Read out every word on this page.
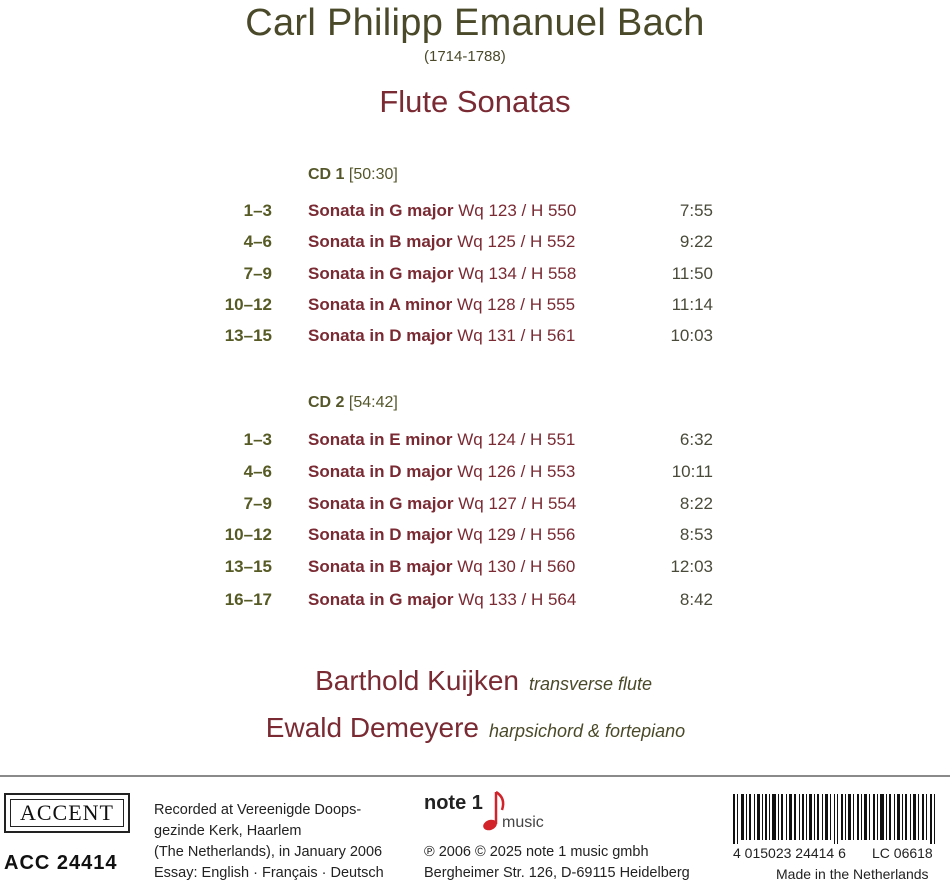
Carl Philipp Emanuel Bach
(1714-1788)
Flute Sonatas
CD 1 [50:30]
1–3 Sonata in G major Wq 123 / H 550	7:55
4–6 Sonata in B major Wq 125 / H 552	9:22
7–9 Sonata in G major Wq 134 / H 558	11:50
10–12 Sonata in A minor Wq 128 / H 555	11:14
13–15 Sonata in D major Wq 131 / H 561	10:03
CD 2 [54:42]
1–3 Sonata in E minor Wq 124 / H 551	6:32
4–6 Sonata in D major Wq 126 / H 553	10:11
7–9 Sonata in G major Wq 127 / H 554	8:22
10–12 Sonata in D major Wq 129 / H 556	8:53
13–15 Sonata in B major Wq 130 / H 560	12:03
16–17 Sonata in G major Wq 133 / H 564	8:42
Barthold Kuijken transverse flute
Ewald Demeyere harpsichord & fortepiano
ACCENT
ACC 24414
Recorded at Vereenigde Doops-
gezinde Kerk, Haarlem
(The Netherlands), in January 2006
Essay: English · Français · Deutsch
note 1
music
℗ 2006 © 2025 note 1 music gmbh
Bergheimer Str. 126, D-69115 Heidelberg
4 015023 24414 6 LC 06618
Made in the Netherlands
